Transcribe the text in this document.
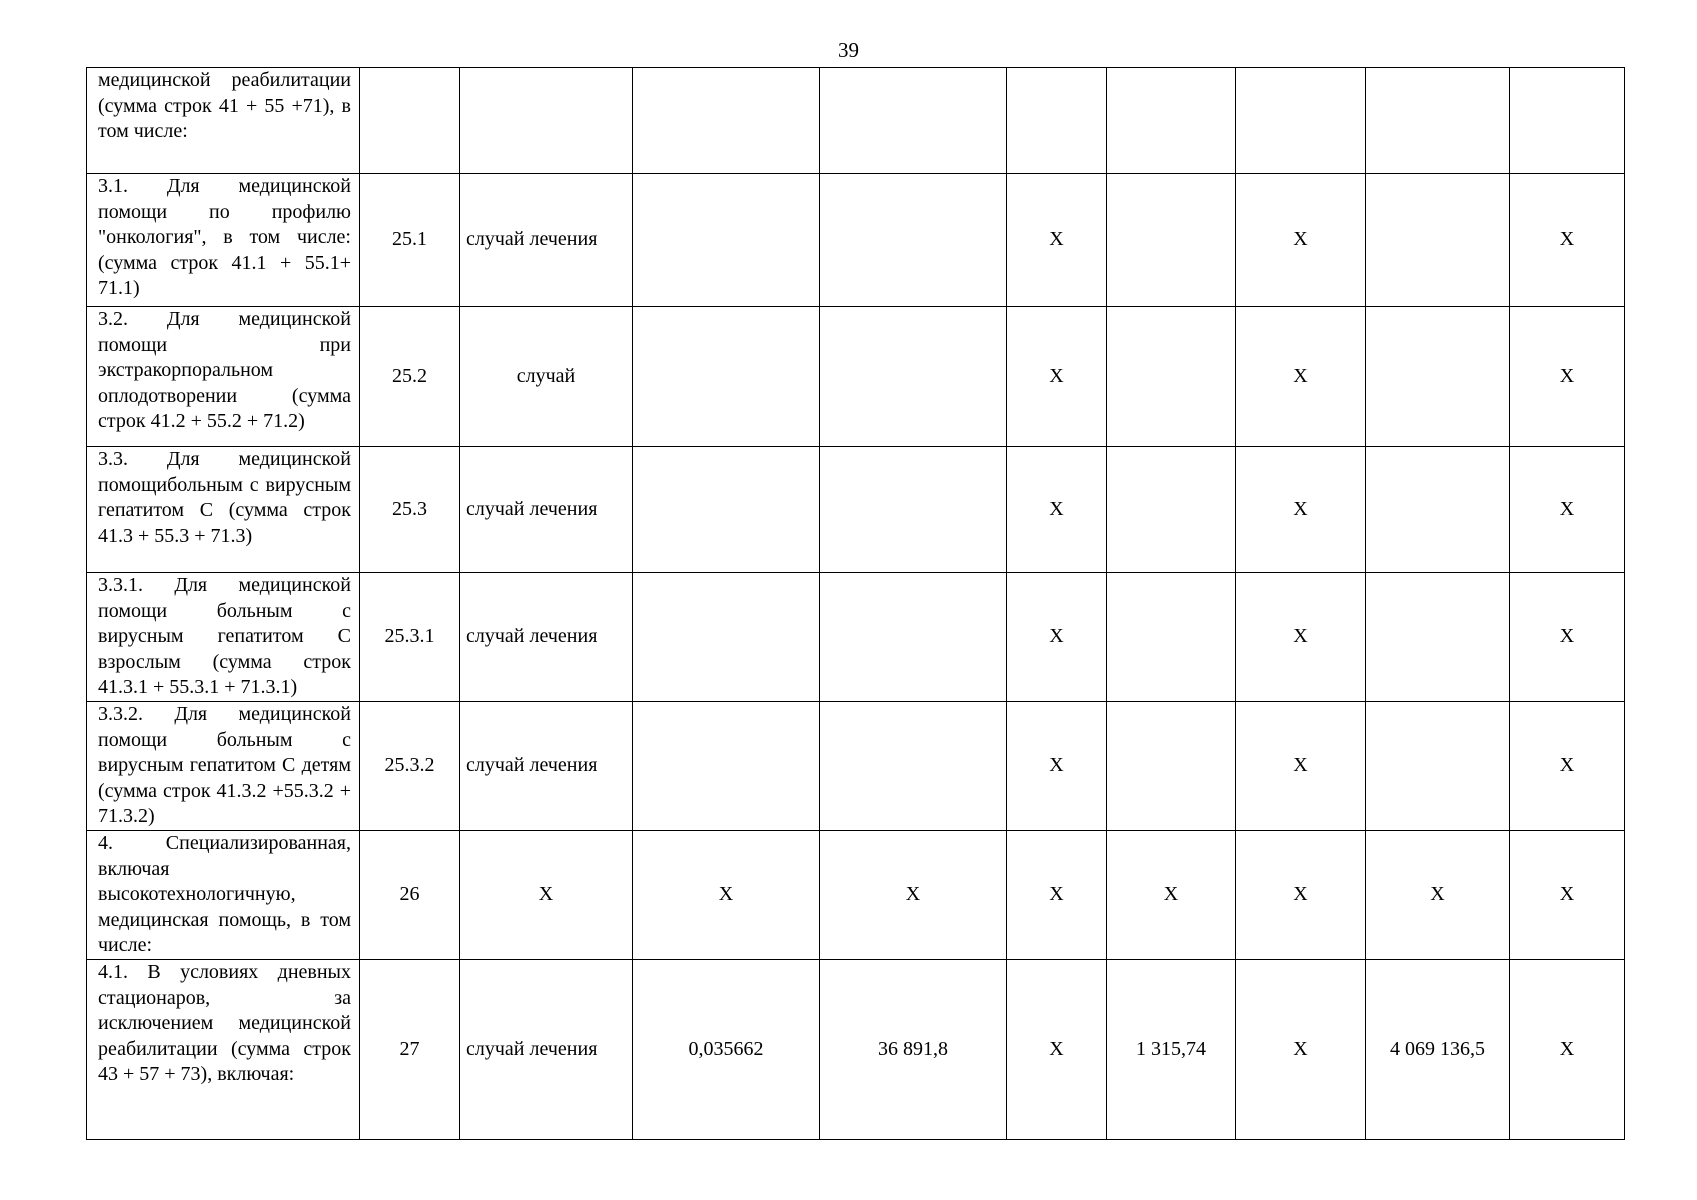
39
медицинской реабилитации (сумма строк 41 + 55 +71), в том числе:									
3.1. Для медицинской помощи по профилю "онкология", в том числе: (сумма строк 41.1 + 55.1+ 71.1)	25.1	случай лечения			X		X		X
3.2. Для медицинской помощи при экстракорпоральном оплодотворении (сумма строк 41.2 + 55.2 + 71.2)	25.2	случай			X		X		X
3.3. Для медицинской помощибольным с вирусным гепатитом С (сумма строк 41.3 + 55.3 + 71.3)	25.3	случай лечения			X		X		X
3.3.1. Для медицинской помощи больным с вирусным гепатитом С взрослым (сумма строк 41.3.1 + 55.3.1 + 71.3.1)	25.3.1	случай лечения			X		X		X
3.3.2. Для медицинской помощи больным с вирусным гепатитом С детям (сумма строк 41.3.2 +55.3.2 + 71.3.2)	25.3.2	случай лечения			X		X		X
4. Специализированная, включая высокотехнологичную, медицинская помощь, в том числе:	26	X	X	X	X	X	X	X	X
4.1. В условиях дневных стационаров, за исключением медицинской реабилитации (сумма строк 43 + 57 + 73), включая:	27	случай лечения	0,035662	36 891,8	X	1 315,74	X	4 069 136,5	X
